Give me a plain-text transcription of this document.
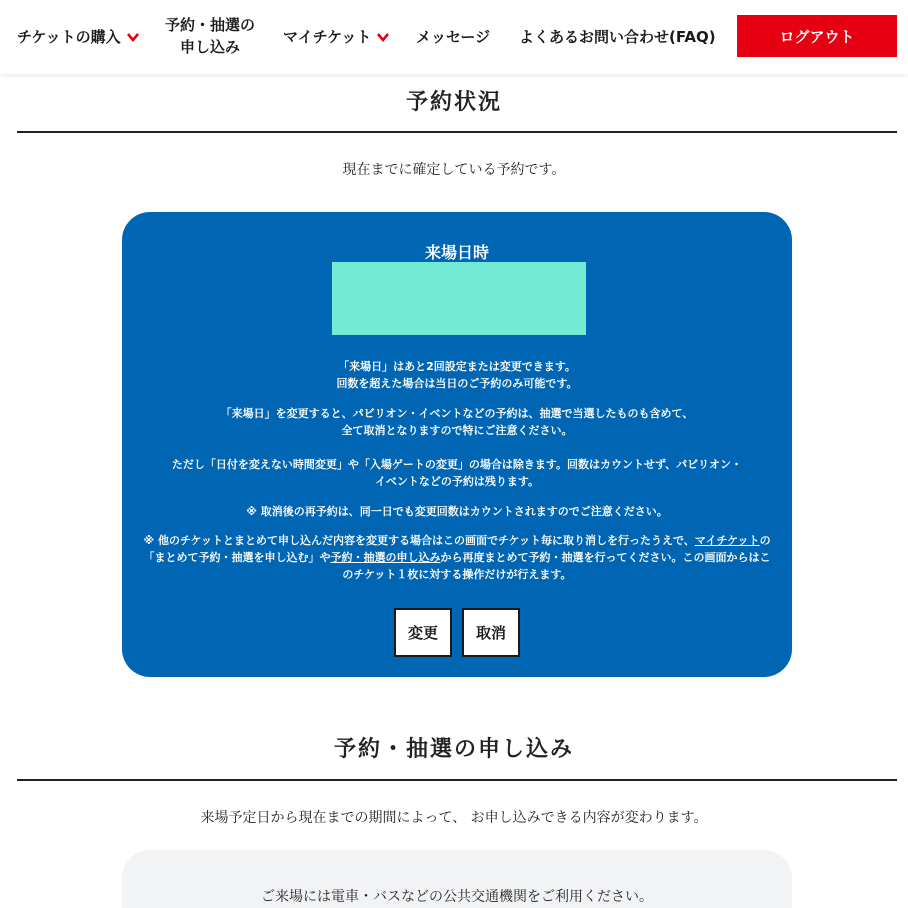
チケットの購入
予約・抽選の
申し込み
マイチケット	メッセージ よくあるお問い合わせ(FAQ)	ログアウト
予約状況
現在までに確定している予約です。
来場日時
「来場日」はあと2回設定または変更できます。
回数を超えた場合は当日のご予約のみ可能です。
「来場日」を変更すると、パビリオン・イベントなどの予約は、抽選で当選したものも含めて、
全て取消となりますので特にご注意ください。
ただし「日付を変えない時間変更」や「入場ゲートの変更」の場合は除きます。回数はカウントせず、パビリオン・
イベントなどの予約は残ります。
※ 取消後の再予約は、同一日でも変更回数はカウントされますのでご注意ください。
※ 他のチケットとまとめて申し込んだ内容を変更する場合はこの画面でチケット毎に取り消しを行ったうえで、マイチケットの「まとめて予約・抽選を申し込む」や予約・抽選の申し込みから再度まとめて予約・抽選を行ってください。この画面からはこのチケット１枚に対する操作だけが行えます。
変更	取消
予約・抽選の申し込み
来場予定日から現在までの期間によって、 お申し込みできる内容が変わります。
ご来場には電車・バスなどの公共交通機関をご利用ください。
